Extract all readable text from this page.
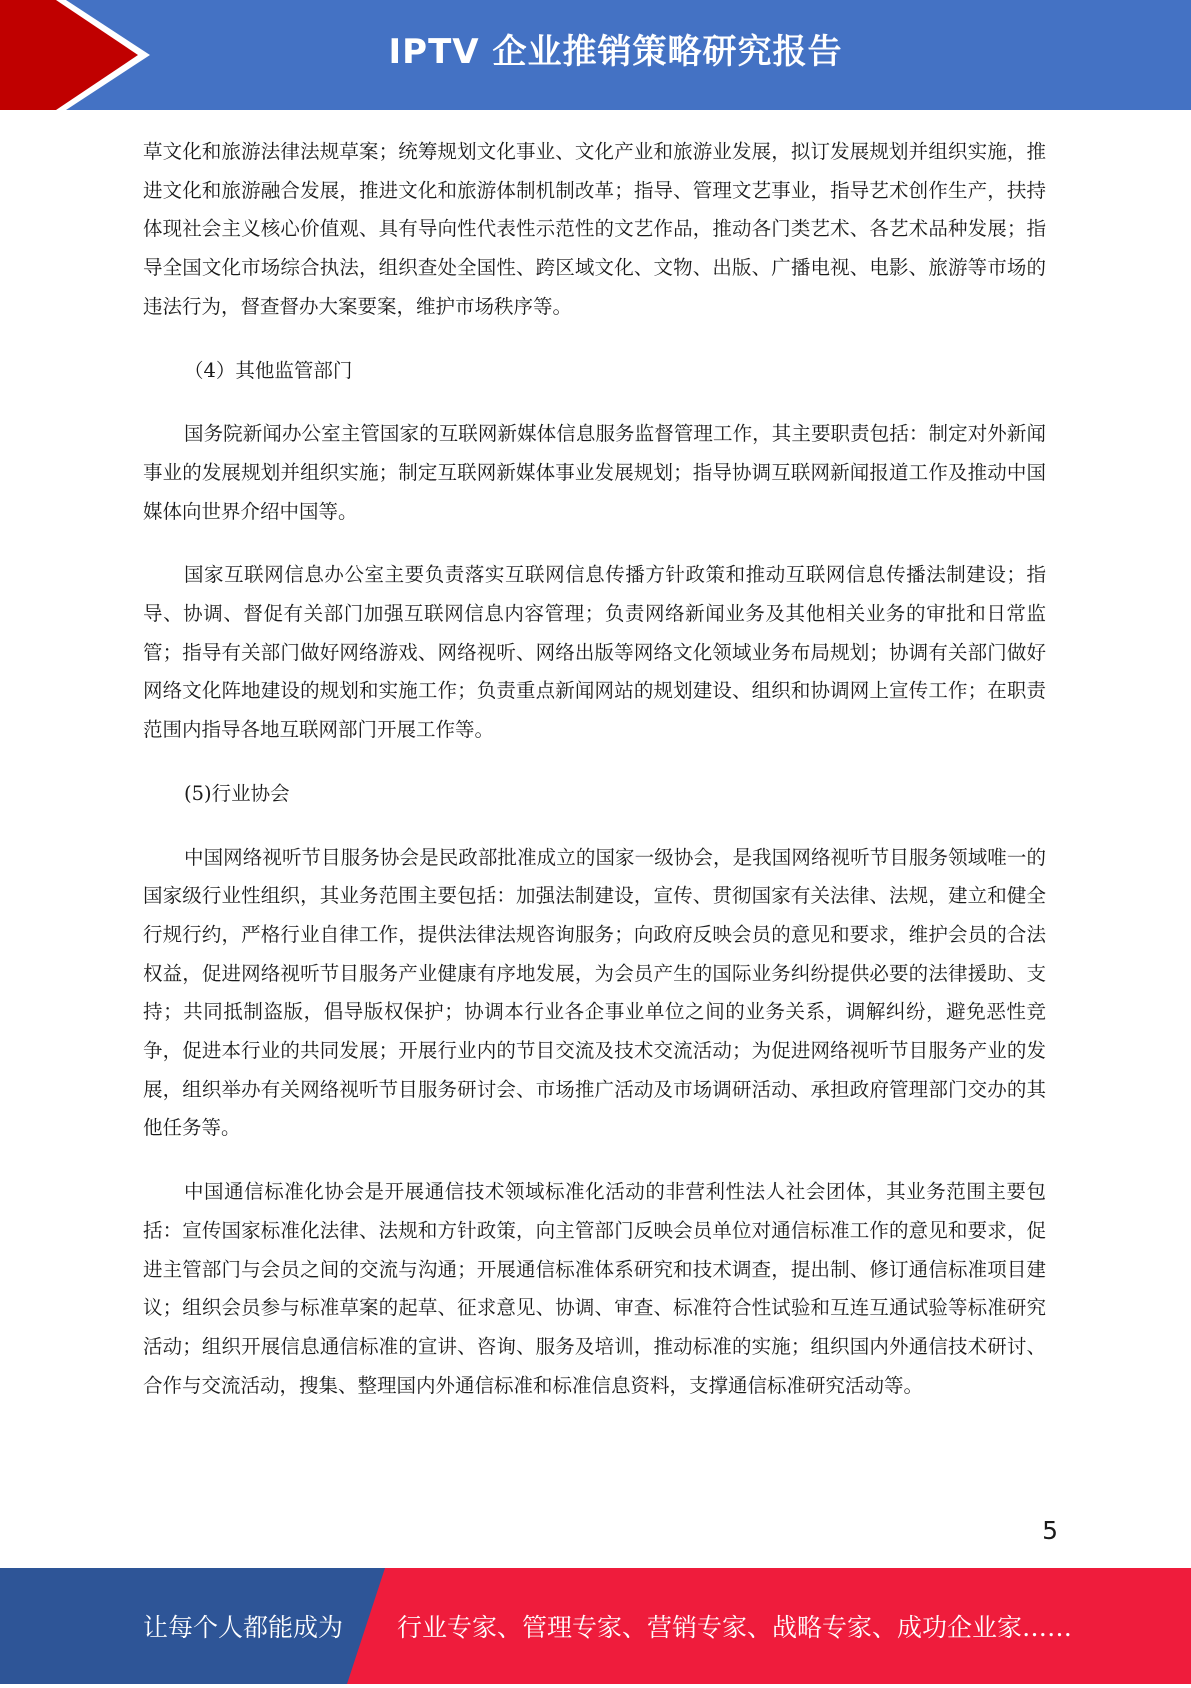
IPTV 企业推销策略研究报告

草文化和旅游法律法规草案；统筹规划文化事业、文化产业和旅游业发展，拟订发展规划并组织实施，推进文化和旅游融合发展，推进文化和旅游体制机制改革；指导、管理文艺事业，指导艺术创作生产，扶持体现社会主义核心价值观、具有导向性代表性示范性的文艺作品，推动各门类艺术、各艺术品种发展；指导全国文化市场综合执法，组织查处全国性、跨区域文化、文物、出版、广播电视、电影、旅游等市场的违法行为，督查督办大案要案，维护市场秩序等。

（4）其他监管部门

国务院新闻办公室主管国家的互联网新媒体信息服务监督管理工作，其主要职责包括：制定对外新闻事业的发展规划并组织实施；制定互联网新媒体事业发展规划；指导协调互联网新闻报道工作及推动中国媒体向世界介绍中国等。

国家互联网信息办公室主要负责落实互联网信息传播方针政策和推动互联网信息传播法制建设；指导、协调、督促有关部门加强互联网信息内容管理；负责网络新闻业务及其他相关业务的审批和日常监管；指导有关部门做好网络游戏、网络视听、网络出版等网络文化领域业务布局规划；协调有关部门做好网络文化阵地建设的规划和实施工作；负责重点新闻网站的规划建设、组织和协调网上宣传工作；在职责范围内指导各地互联网部门开展工作等。

(5)行业协会

中国网络视听节目服务协会是民政部批准成立的国家一级协会，是我国网络视听节目服务领域唯一的国家级行业性组织，其业务范围主要包括：加强法制建设，宣传、贯彻国家有关法律、法规，建立和健全行规行约，严格行业自律工作，提供法律法规咨询服务；向政府反映会员的意见和要求，维护会员的合法权益，促进网络视听节目服务产业健康有序地发展，为会员产生的国际业务纠纷提供必要的法律援助、支持；共同抵制盗版，倡导版权保护；协调本行业各企事业单位之间的业务关系，调解纠纷，避免恶性竞争，促进本行业的共同发展；开展行业内的节目交流及技术交流活动；为促进网络视听节目服务产业的发展，组织举办有关网络视听节目服务研讨会、市场推广活动及市场调研活动、承担政府管理部门交办的其他任务等。

中国通信标准化协会是开展通信技术领域标准化活动的非营利性法人社会团体，其业务范围主要包括：宣传国家标准化法律、法规和方针政策，向主管部门反映会员单位对通信标准工作的意见和要求，促进主管部门与会员之间的交流与沟通；开展通信标准体系研究和技术调查，提出制、修订通信标准项目建议；组织会员参与标准草案的起草、征求意见、协调、审查、标准符合性试验和互连互通试验等标准研究活动；组织开展信息通信标准的宣讲、咨询、服务及培训，推动标准的实施；组织国内外通信技术研讨、合作与交流活动，搜集、整理国内外通信标准和标准信息资料，支撑通信标准研究活动等。

5
让每个人都能成为 行业专家、管理专家、营销专家、战略专家、成功企业家……
